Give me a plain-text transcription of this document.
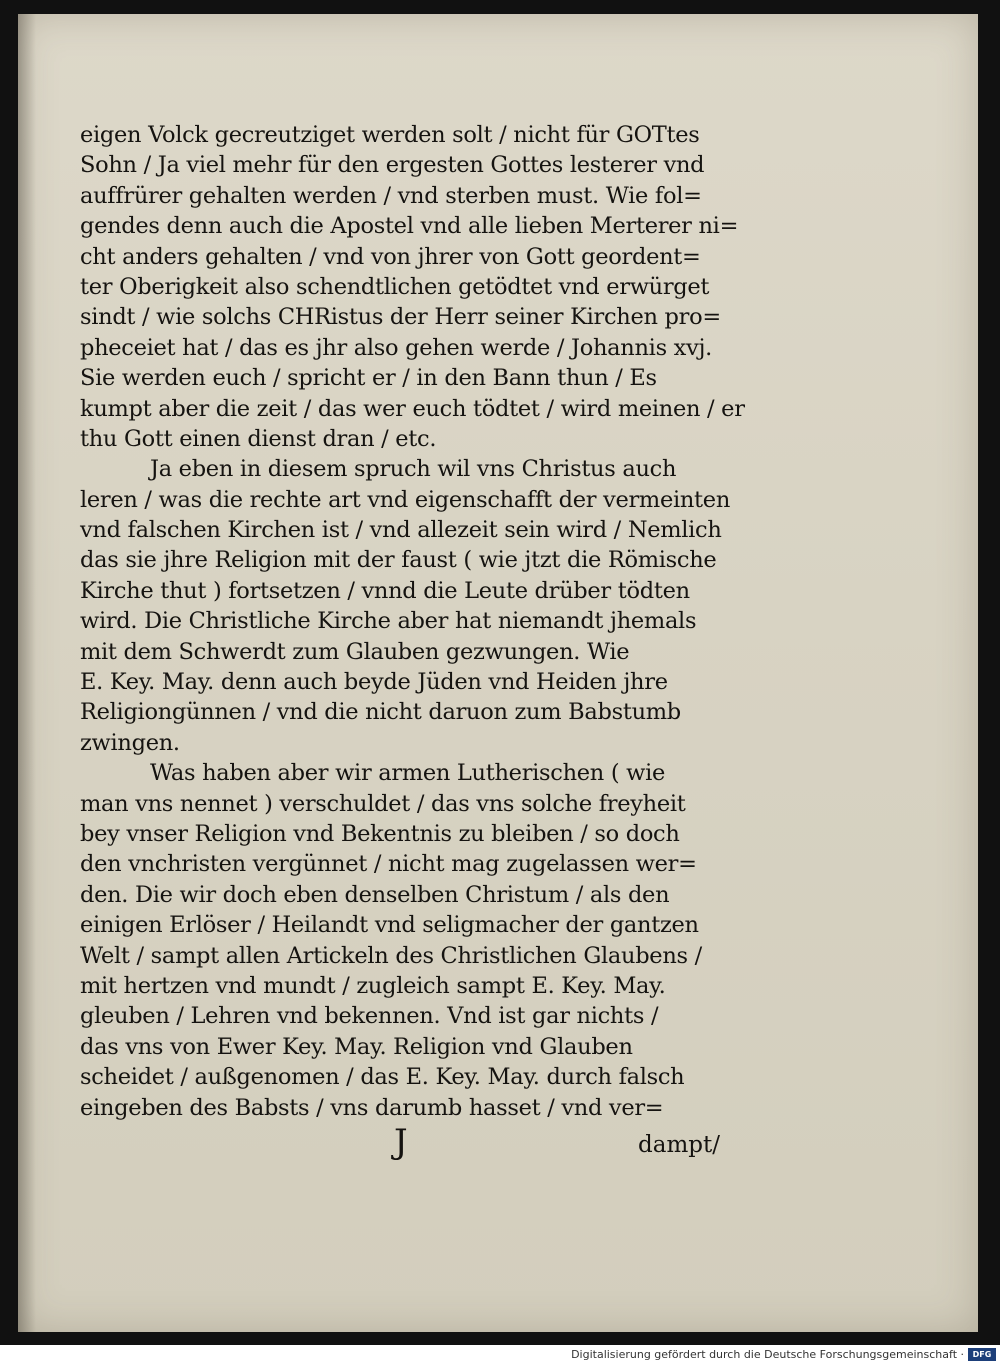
eigen Volck gecreutziget werden solt / nicht für GOTtes
Sohn / Ja viel mehr für den ergesten Gottes lesterer vnd
auffrürer gehalten werden / vnd sterben must. Wie fol=
gendes denn auch die Apostel vnd alle lieben Merterer ni=
cht anders gehalten / vnd von jhrer von Gott geordent=
ter Oberigkeit also schendtlichen getödtet vnd erwürget
sindt / wie solchs CHRistus der Herr seiner Kirchen pro=
pheceiet hat / das es jhr also gehen werde / Johannis xvj.
Sie werden euch / spricht er / in den Bann thun / Es
kumpt aber die zeit / das wer euch tödtet / wird meinen / er
thu Gott einen dienst dran / etc.
Ja eben in diesem spruch wil vns Christus auch
leren / was die rechte art vnd eigenschafft der vermeinten
vnd falschen Kirchen ist / vnd allezeit sein wird / Nemlich
das sie jhre Religion mit der faust ( wie jtzt die Römische
Kirche thut ) fortsetzen / vnnd die Leute drüber tödten
wird. Die Christliche Kirche aber hat niemandt jhemals
mit dem Schwerdt zum Glauben gezwungen. Wie
E. Key. May. denn auch beyde Jüden vnd Heiden jhre
Religiongünnen / vnd die nicht daruon zum Babstumb
zwingen.
Was haben aber wir armen Lutherischen ( wie
man vns nennet ) verschuldet / das vns solche freyheit
bey vnser Religion vnd Bekentnis zu bleiben / so doch
den vnchristen vergünnet / nicht mag zugelassen wer=
den. Die wir doch eben denselben Christum / als den
einigen Erlöser / Heilandt vnd seligmacher der gantzen
Welt / sampt allen Artickeln des Christlichen Glaubens /
mit hertzen vnd mundt / zugleich sampt E. Key. May.
gleuben / Lehren vnd bekennen. Vnd ist gar nichts /
das vns von Ewer Key. May. Religion vnd Glauben
scheidet / außgenomen / das E. Key. May. durch falsch
eingeben des Babsts / vns darumb hasset / vnd ver=
J	dampt/
Digitalisierung gefördert durch die Deutsche Forschungsgemeinschaft ·	DFG
